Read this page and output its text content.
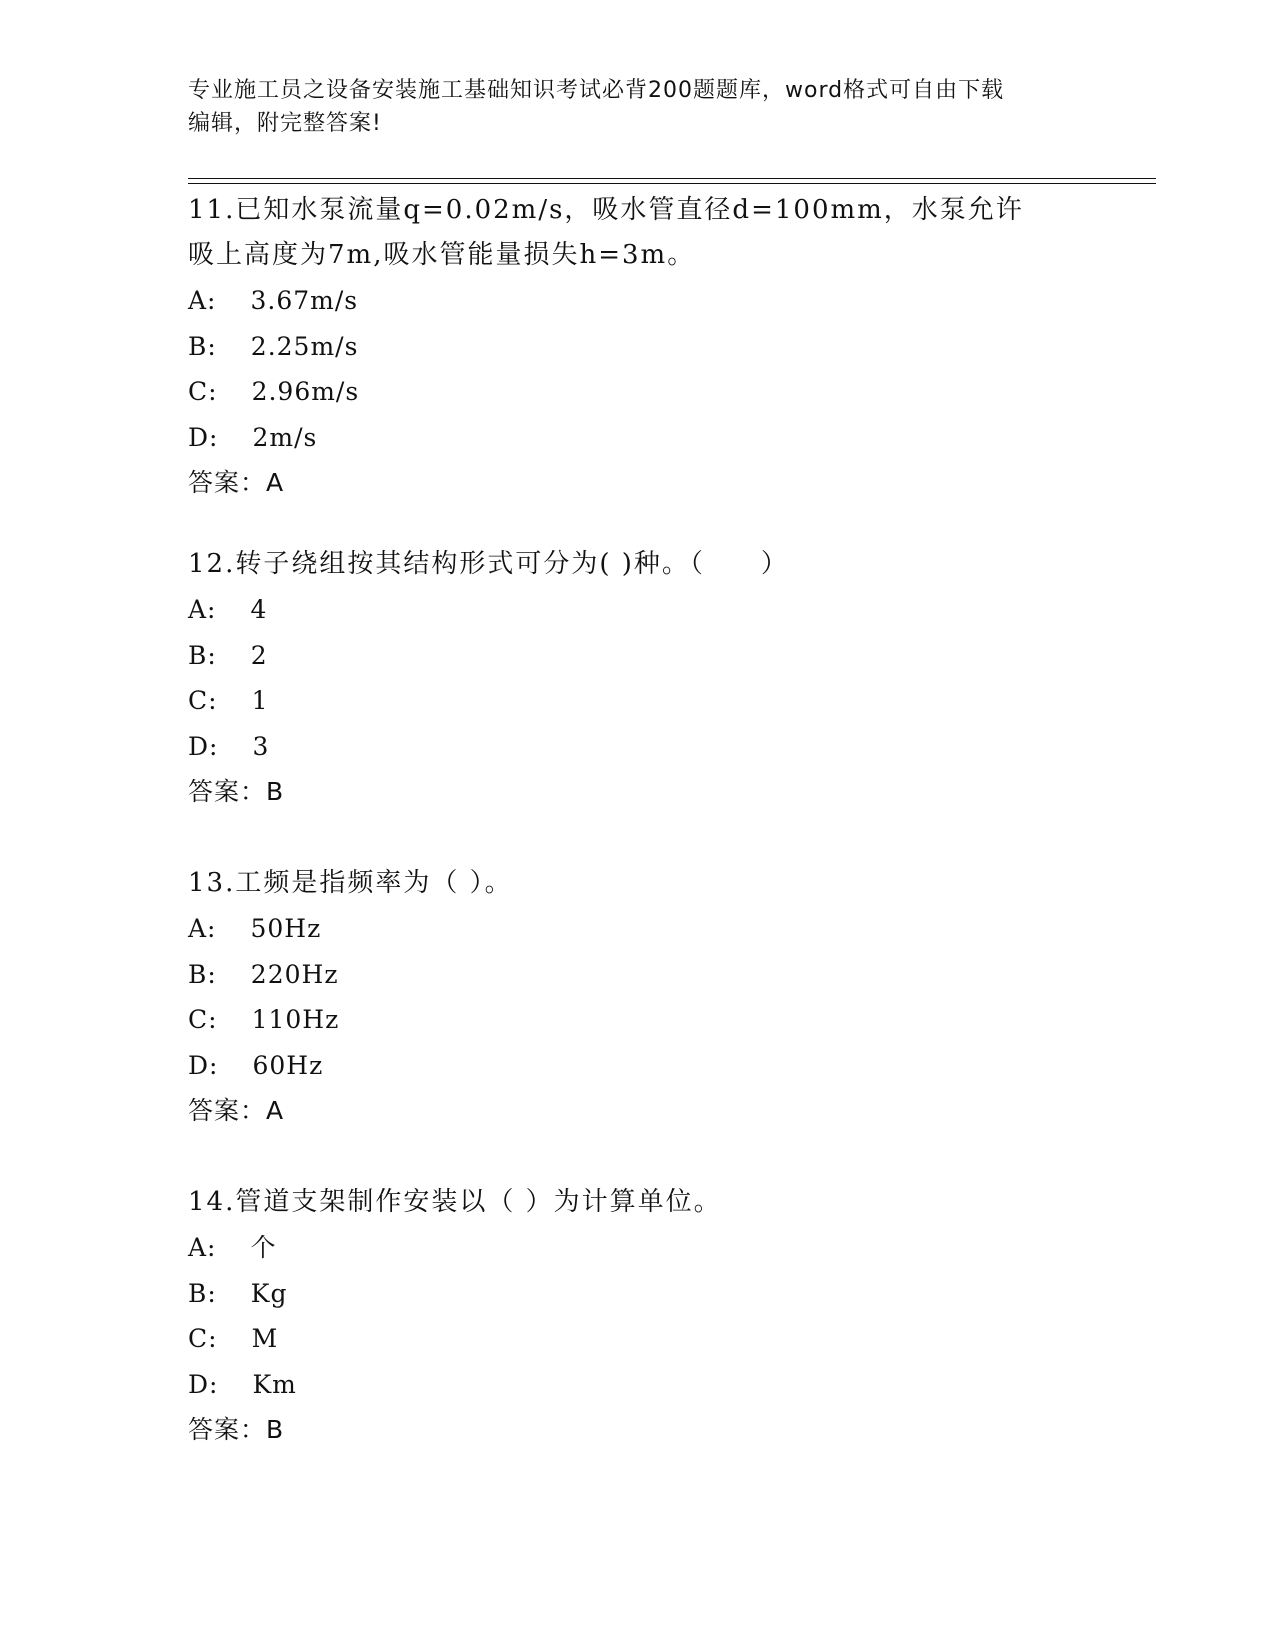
专业施工员之设备安装施工基础知识考试必背200题题库，word格式可自由下载
编辑，附完整答案!

11.已知水泵流量q=0.02m/s，吸水管直径d=100mm，水泵允许吸上高度为7m,吸水管能量损失h=3m。

A: 3.67m/s
B: 2.25m/s
C: 2.96m/s
D: 2m/s
答案：A

12.转子绕组按其结构形式可分为( )种。（　　）

A: 4
B: 2
C: 1
D: 3
答案：B

13.工频是指频率为（ ）。

A: 50Hz
B: 220Hz
C: 110Hz
D: 60Hz
答案：A

14.管道支架制作安装以（ ）为计算单位。

A: 个
B: Kg
C: M
D: Km
答案：B
